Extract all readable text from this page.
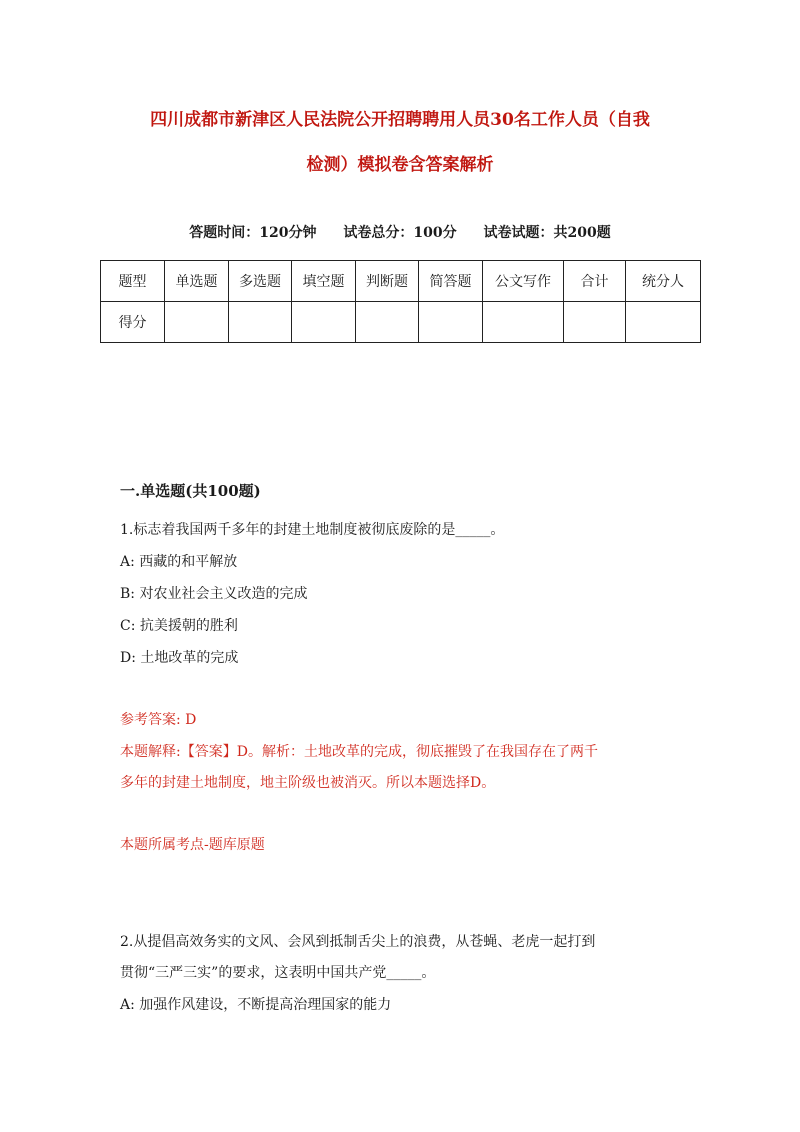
四川成都市新津区人民法院公开招聘聘用人员30名工作人员（自我
检测）模拟卷含答案解析
答题时间：120分钟 试卷总分：100分 试卷试题：共200题
题型	单选题	多选题	填空题	判断题	简答题	公文写作	合计	统分人
得分								
一.单选题(共100题)
1.标志着我国两千多年的封建土地制度被彻底废除的是_____。
A: 西藏的和平解放
B: 对农业社会主义改造的完成
C: 抗美援朝的胜利
D: 土地改革的完成
参考答案: D
本题解释:【答案】D。解析：土地改革的完成，彻底摧毁了在我国存在了两千
多年的封建土地制度，地主阶级也被消灭。所以本题选择D。
本题所属考点-题库原题
2.从提倡高效务实的文风、会风到抵制舌尖上的浪费，从苍蝇、老虎一起打到
贯彻“三严三实”的要求，这表明中国共产党_____。
A: 加强作风建设，不断提高治理国家的能力
